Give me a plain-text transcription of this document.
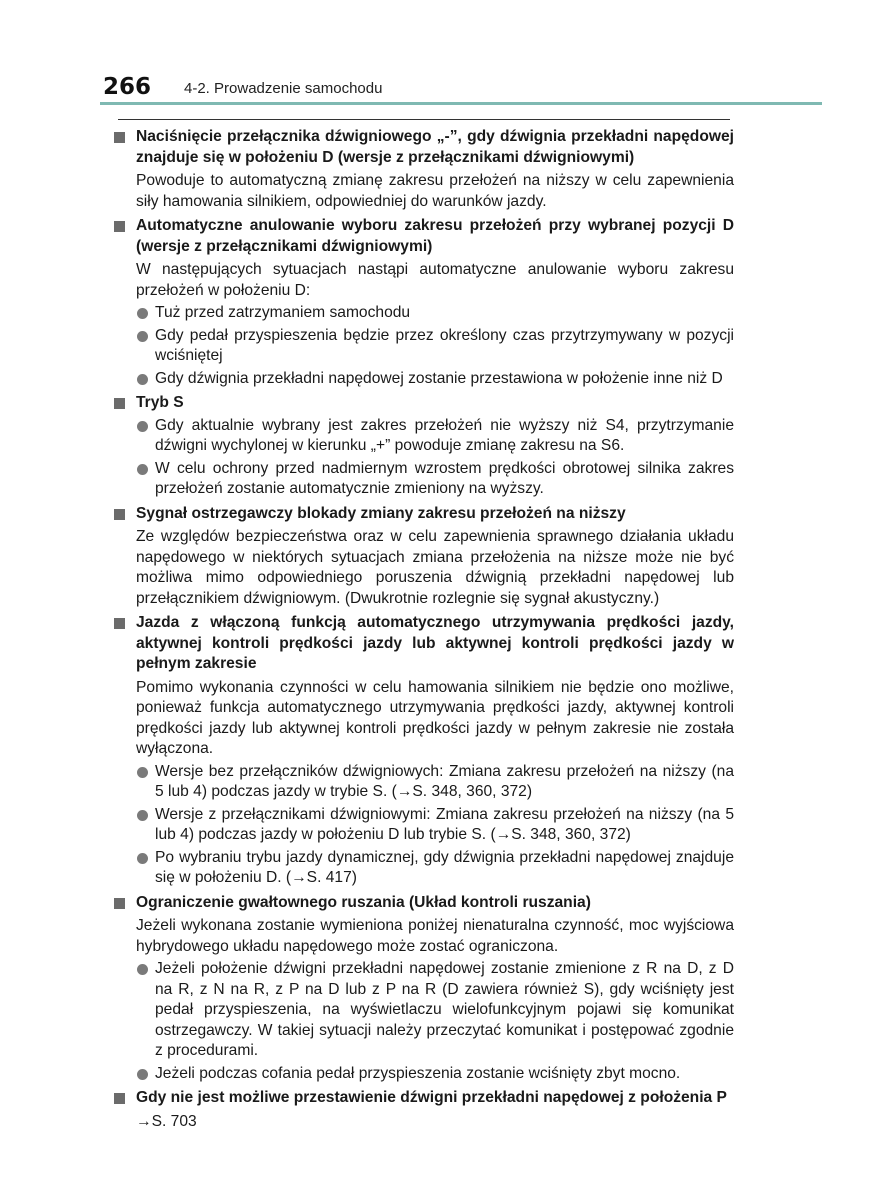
266 4-2. Prowadzenie samochodu
Naciśnięcie przełącznika dźwigniowego „-”, gdy dźwignia przekładni napędowej znajduje się w położeniu D (wersje z przełącznikami dźwigniowymi)
Powoduje to automatyczną zmianę zakresu przełożeń na niższy w celu zapewnienia siły hamowania silnikiem, odpowiedniej do warunków jazdy.
Automatyczne anulowanie wyboru zakresu przełożeń przy wybranej pozycji D (wersje z przełącznikami dźwigniowymi)
W następujących sytuacjach nastąpi automatyczne anulowanie wyboru zakresu przełożeń w położeniu D:
Tuż przed zatrzymaniem samochodu
Gdy pedał przyspieszenia będzie przez określony czas przytrzymywany w pozycji wciśniętej
Gdy dźwignia przekładni napędowej zostanie przestawiona w położenie inne niż D
Tryb S
Gdy aktualnie wybrany jest zakres przełożeń nie wyższy niż S4, przytrzymanie dźwigni wychylonej w kierunku „+” powoduje zmianę zakresu na S6.
W celu ochrony przed nadmiernym wzrostem prędkości obrotowej silnika zakres przełożeń zostanie automatycznie zmieniony na wyższy.
Sygnał ostrzegawczy blokady zmiany zakresu przełożeń na niższy
Ze względów bezpieczeństwa oraz w celu zapewnienia sprawnego działania układu napędowego w niektórych sytuacjach zmiana przełożenia na niższe może nie być możliwa mimo odpowiedniego poruszenia dźwignią przekładni napędowej lub przełącznikiem dźwigniowym. (Dwukrotnie rozlegnie się sygnał akustyczny.)
Jazda z włączoną funkcją automatycznego utrzymywania prędkości jazdy, aktywnej kontroli prędkości jazdy lub aktywnej kontroli prędkości jazdy w pełnym zakresie
Pomimo wykonania czynności w celu hamowania silnikiem nie będzie ono możliwe, ponieważ funkcja automatycznego utrzymywania prędkości jazdy, aktywnej kontroli prędkości jazdy lub aktywnej kontroli prędkości jazdy w pełnym zakresie nie została wyłączona.
Wersje bez przełączników dźwigniowych: Zmiana zakresu przełożeń na niższy (na 5 lub 4) podczas jazdy w trybie S. (→S. 348, 360, 372)
Wersje z przełącznikami dźwigniowymi: Zmiana zakresu przełożeń na niższy (na 5 lub 4) podczas jazdy w położeniu D lub trybie S. (→S. 348, 360, 372)
Po wybraniu trybu jazdy dynamicznej, gdy dźwignia przekładni napędowej znajduje się w położeniu D. (→S. 417)
Ograniczenie gwałtownego ruszania (Układ kontroli ruszania)
Jeżeli wykonana zostanie wymieniona poniżej nienaturalna czynność, moc wyjściowa hybrydowego układu napędowego może zostać ograniczona.
Jeżeli położenie dźwigni przekładni napędowej zostanie zmienione z R na D, z D na R, z N na R, z P na D lub z P na R (D zawiera również S), gdy wciśnięty jest pedał przyspieszenia, na wyświetlaczu wielofunkcyjnym pojawi się komunikat ostrzegawczy. W takiej sytuacji należy przeczytać komunikat i postępować zgodnie z procedurami.
Jeżeli podczas cofania pedał przyspieszenia zostanie wciśnięty zbyt mocno.
Gdy nie jest możliwe przestawienie dźwigni przekładni napędowej z położenia P
→S. 703
